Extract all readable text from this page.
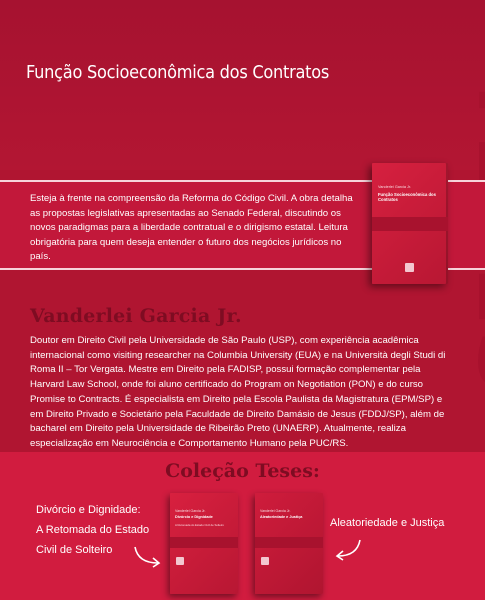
Função Socioeconômica dos Contratos

Esteja à frente na compreensão da Reforma do Código Civil. A obra detalha as propostas legislativas apresentadas ao Senado Federal, discutindo os novos paradigmas para a liberdade contratual e o dirigismo estatal. Leitura obrigatória para quem deseja entender o futuro dos negócios jurídicos no país.

Vanderlei Garcia Jr.
Função Socioeconômica dos Contratos
Vanderlei Garcia Jr.

Doutor em Direito Civil pela Universidade de São Paulo (USP), com experiência acadêmica internacional como visiting researcher na Columbia University (EUA) e na Università degli Studi di Roma II – Tor Vergata. Mestre em Direito pela FADISP, possui formação complementar pela Harvard Law School, onde foi aluno certificado do Program on Negotiation (PON) e do curso Promise to Contracts. É especialista em Direito pela Escola Paulista da Magistratura (EPM/SP) e em Direito Privado e Societário pela Faculdade de Direito Damásio de Jesus (FDDJ/SP), além de bacharel em Direito pela Universidade de Ribeirão Preto (UNAERP). Atualmente, realiza especialização em Neurociência e Comportamento Humano pela PUC/RS.

Coleção Teses:
Divórcio e Dignidade:
A Retomada do Estado
Civil de Solteiro
Vanderlei Garcia Jr.
Divórcio e Dignidade
A Retomada do Estado Civil de Solteiro
Vanderlei Garcia Jr.
Aleatoriedade e Justiça	Aleatoriedade e Justiça
